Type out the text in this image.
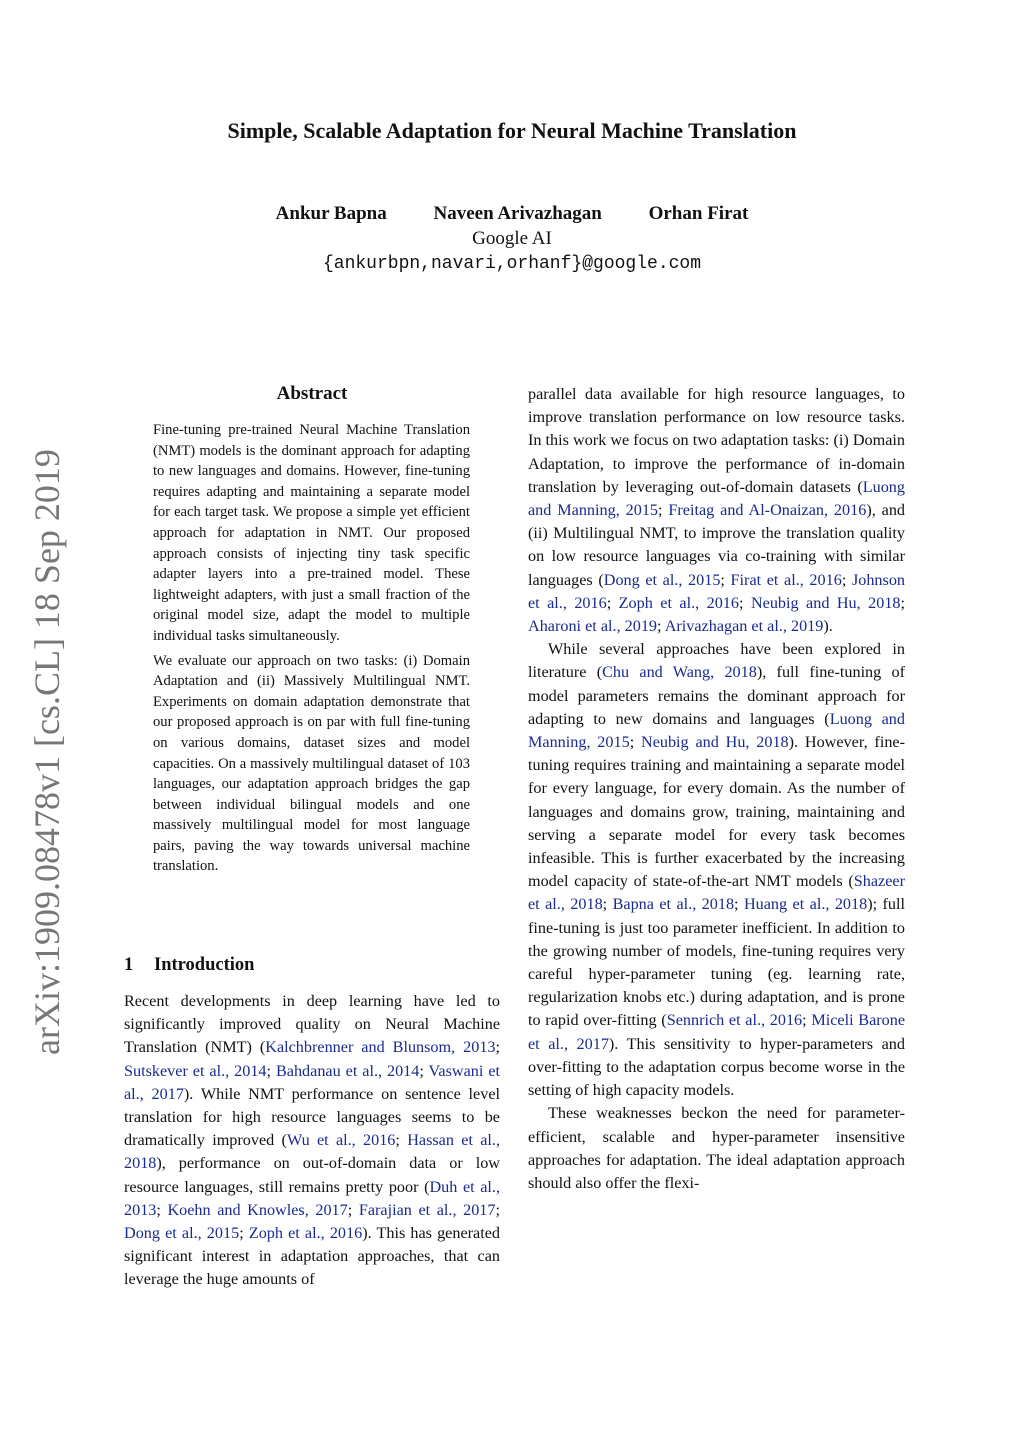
Simple, Scalable Adaptation for Neural Machine Translation
Ankur Bapna Naveen Arivazhagan Orhan Firat
Google AI
{ankurbpn,navari,orhanf}@google.com
arXiv:1909.08478v1 [cs.CL] 18 Sep 2019
Abstract

Fine-tuning pre-trained Neural Machine Translation (NMT) models is the dominant approach for adapting to new languages and domains. However, fine-tuning requires adapting and maintaining a separate model for each target task. We propose a simple yet efficient approach for adaptation in NMT. Our proposed approach consists of injecting tiny task specific adapter layers into a pre-trained model. These lightweight adapters, with just a small fraction of the original model size, adapt the model to multiple individual tasks simultaneously.

We evaluate our approach on two tasks: (i) Domain Adaptation and (ii) Massively Multilingual NMT. Experiments on domain adaptation demonstrate that our proposed approach is on par with full fine-tuning on various domains, dataset sizes and model capacities. On a massively multilingual dataset of 103 languages, our adaptation approach bridges the gap between individual bilingual models and one massively multilingual model for most language pairs, paving the way towards universal machine translation.

1 Introduction

Recent developments in deep learning have led to significantly improved quality on Neural Machine Translation (NMT) (Kalchbrenner and Blunsom, 2013; Sutskever et al., 2014; Bahdanau et al., 2014; Vaswani et al., 2017). While NMT performance on sentence level translation for high resource languages seems to be dramatically improved (Wu et al., 2016; Hassan et al., 2018), performance on out-of-domain data or low resource languages, still remains pretty poor (Duh et al., 2013; Koehn and Knowles, 2017; Farajian et al., 2017; Dong et al., 2015; Zoph et al., 2016). This has generated significant interest in adaptation approaches, that can leverage the huge amounts of

parallel data available for high resource languages, to improve translation performance on low resource tasks. In this work we focus on two adaptation tasks: (i) Domain Adaptation, to improve the performance of in-domain translation by leveraging out-of-domain datasets (Luong and Manning, 2015; Freitag and Al-Onaizan, 2016), and (ii) Multilingual NMT, to improve the translation quality on low resource languages via co-training with similar languages (Dong et al., 2015; Firat et al., 2016; Johnson et al., 2016; Zoph et al., 2016; Neubig and Hu, 2018; Aharoni et al., 2019; Arivazhagan et al., 2019).

While several approaches have been explored in literature (Chu and Wang, 2018), full fine-tuning of model parameters remains the dominant approach for adapting to new domains and languages (Luong and Manning, 2015; Neubig and Hu, 2018). However, fine-tuning requires training and maintaining a separate model for every language, for every domain. As the number of languages and domains grow, training, maintaining and serving a separate model for every task becomes infeasible. This is further exacerbated by the increasing model capacity of state-of-the-art NMT models (Shazeer et al., 2018; Bapna et al., 2018; Huang et al., 2018); full fine-tuning is just too parameter inefficient. In addition to the growing number of models, fine-tuning requires very careful hyper-parameter tuning (eg. learning rate, regularization knobs etc.) during adaptation, and is prone to rapid over-fitting (Sennrich et al., 2016; Miceli Barone et al., 2017). This sensitivity to hyper-parameters and over-fitting to the adaptation corpus become worse in the setting of high capacity models.

These weaknesses beckon the need for parameter-efficient, scalable and hyper-parameter insensitive approaches for adaptation. The ideal adaptation approach should also offer the flexi-
